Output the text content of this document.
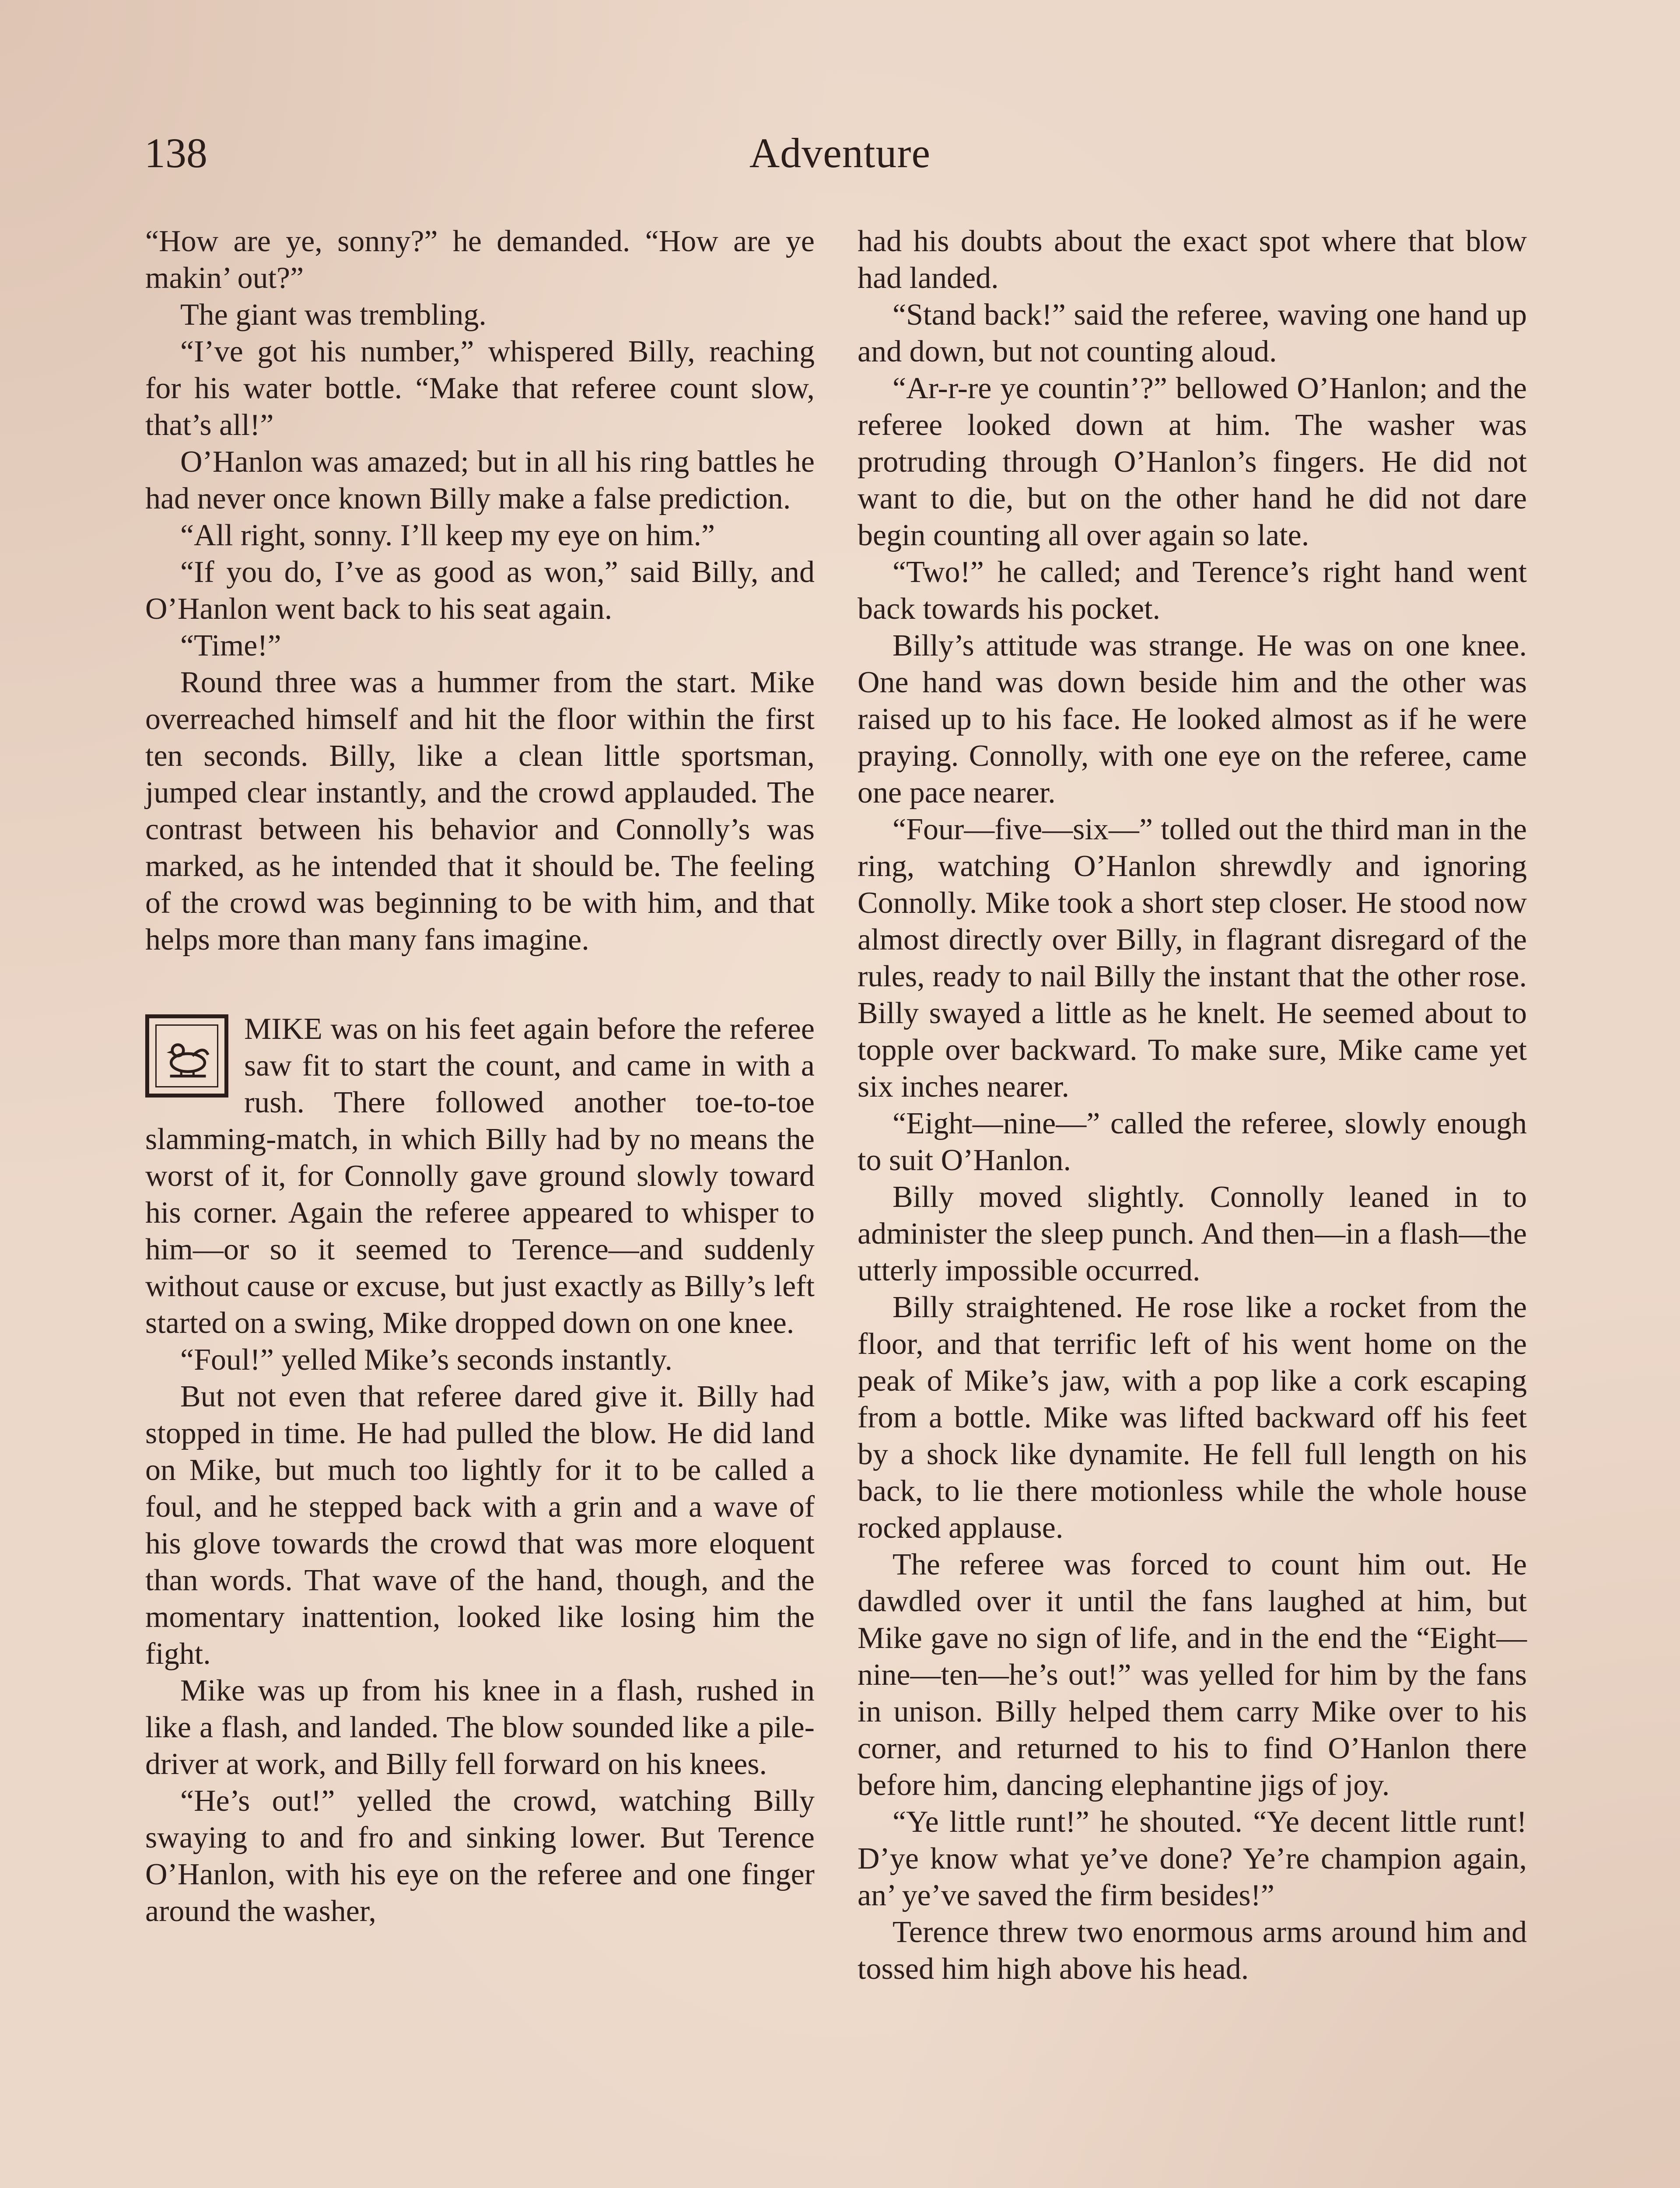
138	Adventure

“How are ye, sonny?” he demanded. “How are ye makin’ out?”

The giant was trembling.

“I’ve got his number,” whispered Billy, reaching for his water bottle. “Make that referee count slow, that’s all!”

O’Hanlon was amazed; but in all his ring battles he had never once known Billy make a false prediction.

“All right, sonny. I’ll keep my eye on him.”

“If you do, I’ve as good as won,” said Billy, and O’Hanlon went back to his seat again.

“Time!”

Round three was a hummer from the start. Mike overreached himself and hit the floor within the first ten seconds. Billy, like a clean little sportsman, jumped clear instantly, and the crowd applauded. The contrast between his behavior and Connolly’s was marked, as he intended that it should be. The feeling of the crowd was beginning to be with him, and that helps more than many fans imagine.

MIKE was on his feet again before the referee saw fit to start the count, and came in with a rush. There followed another toe-to-toe slamming-match, in which Billy had by no means the worst of it, for Connolly gave ground slowly toward his corner. Again the referee appeared to whisper to him—or so it seemed to Terence—and suddenly without cause or excuse, but just exactly as Billy’s left started on a swing, Mike dropped down on one knee.

“Foul!” yelled Mike’s seconds instantly.

But not even that referee dared give it. Billy had stopped in time. He had pulled the blow. He did land on Mike, but much too lightly for it to be called a foul, and he stepped back with a grin and a wave of his glove towards the crowd that was more eloquent than words. That wave of the hand, though, and the momentary inattention, looked like losing him the fight.

Mike was up from his knee in a flash, rushed in like a flash, and landed. The blow sounded like a pile-driver at work, and Billy fell forward on his knees.

“He’s out!” yelled the crowd, watching Billy swaying to and fro and sinking lower. But Terence O’Hanlon, with his eye on the referee and one finger around the washer,

had his doubts about the exact spot where that blow had landed.

“Stand back!” said the referee, waving one hand up and down, but not counting aloud.

“Ar-r-re ye countin’?” bellowed O’Hanlon; and the referee looked down at him. The washer was protruding through O’Hanlon’s fingers. He did not want to die, but on the other hand he did not dare begin counting all over again so late.

“Two!” he called; and Terence’s right hand went back towards his pocket.

Billy’s attitude was strange. He was on one knee. One hand was down beside him and the other was raised up to his face. He looked almost as if he were praying. Connolly, with one eye on the referee, came one pace nearer.

“Four—five—six—” tolled out the third man in the ring, watching O’Hanlon shrewdly and ignoring Connolly. Mike took a short step closer. He stood now almost directly over Billy, in flagrant disregard of the rules, ready to nail Billy the instant that the other rose. Billy swayed a little as he knelt. He seemed about to topple over backward. To make sure, Mike came yet six inches nearer.

“Eight—nine—” called the referee, slowly enough to suit O’Hanlon.

Billy moved slightly. Connolly leaned in to administer the sleep punch. And then—in a flash—the utterly impossible occurred.

Billy straightened. He rose like a rocket from the floor, and that terrific left of his went home on the peak of Mike’s jaw, with a pop like a cork escaping from a bottle. Mike was lifted backward off his feet by a shock like dynamite. He fell full length on his back, to lie there motionless while the whole house rocked applause.

The referee was forced to count him out. He dawdled over it until the fans laughed at him, but Mike gave no sign of life, and in the end the “Eight—nine—ten—he’s out!” was yelled for him by the fans in unison. Billy helped them carry Mike over to his corner, and returned to his to find O’Hanlon there before him, dancing elephantine jigs of joy.

“Ye little runt!” he shouted. “Ye decent little runt! D’ye know what ye’ve done? Ye’re champion again, an’ ye’ve saved the firm besides!”

Terence threw two enormous arms around him and tossed him high above his head.
